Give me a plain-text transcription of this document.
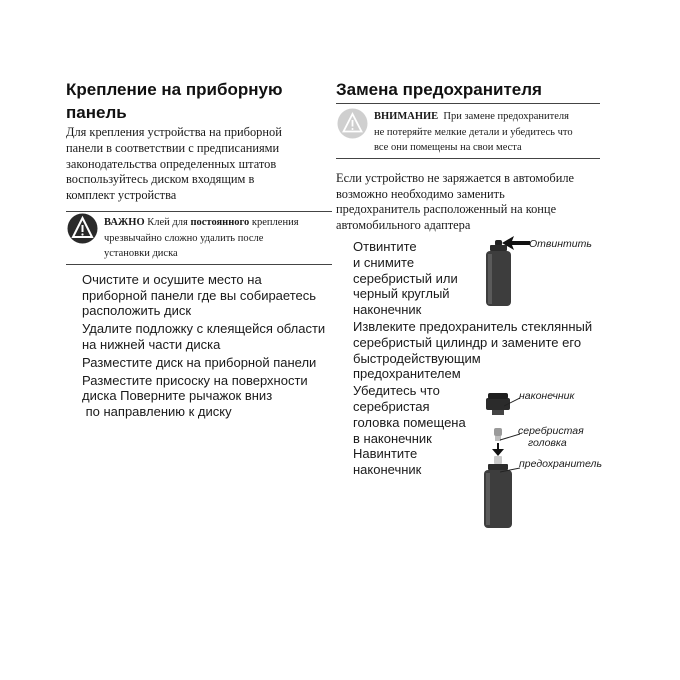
Крепление на приборную
панель
Для крепления устройства на приборной
панели в соответствии с предписаниями
законодательства определенных штатов
воспользуйтесь диском входящим в
комплект устройства
ВАЖНО Клей для постоянного крепления
чрезвычайно сложно удалить после
установки диска
Очистите и осушите место на
приборной панели где вы собираетесь
расположить диск
Удалите подложку с клеящейся области
на нижней части диска
Разместите диск на приборной панели
Разместите присоску на поверхности
диска Поверните рычажок вниз
по направлению к диску
Замена предохранителя
ВНИМАНИЕ  При замене предохранителя
не потеряйте мелкие детали и убедитесь что
все они помещены на свои места
Если устройство не заряжается в автомобиле
возможно необходимо заменить
предохранитель расположенный на конце
автомобильного адаптера
Отвинтите
и снимите
серебристый или
черный круглый
наконечник
Извлеките предохранитель стеклянный
серебристый цилиндр и замените его
быстродействующим
предохранителем
Убедитесь что
серебристая
головка помещена
в наконечник
Навинтите
наконечник
Отвинтить
наконечник
серебристая
головка
предохранитель
